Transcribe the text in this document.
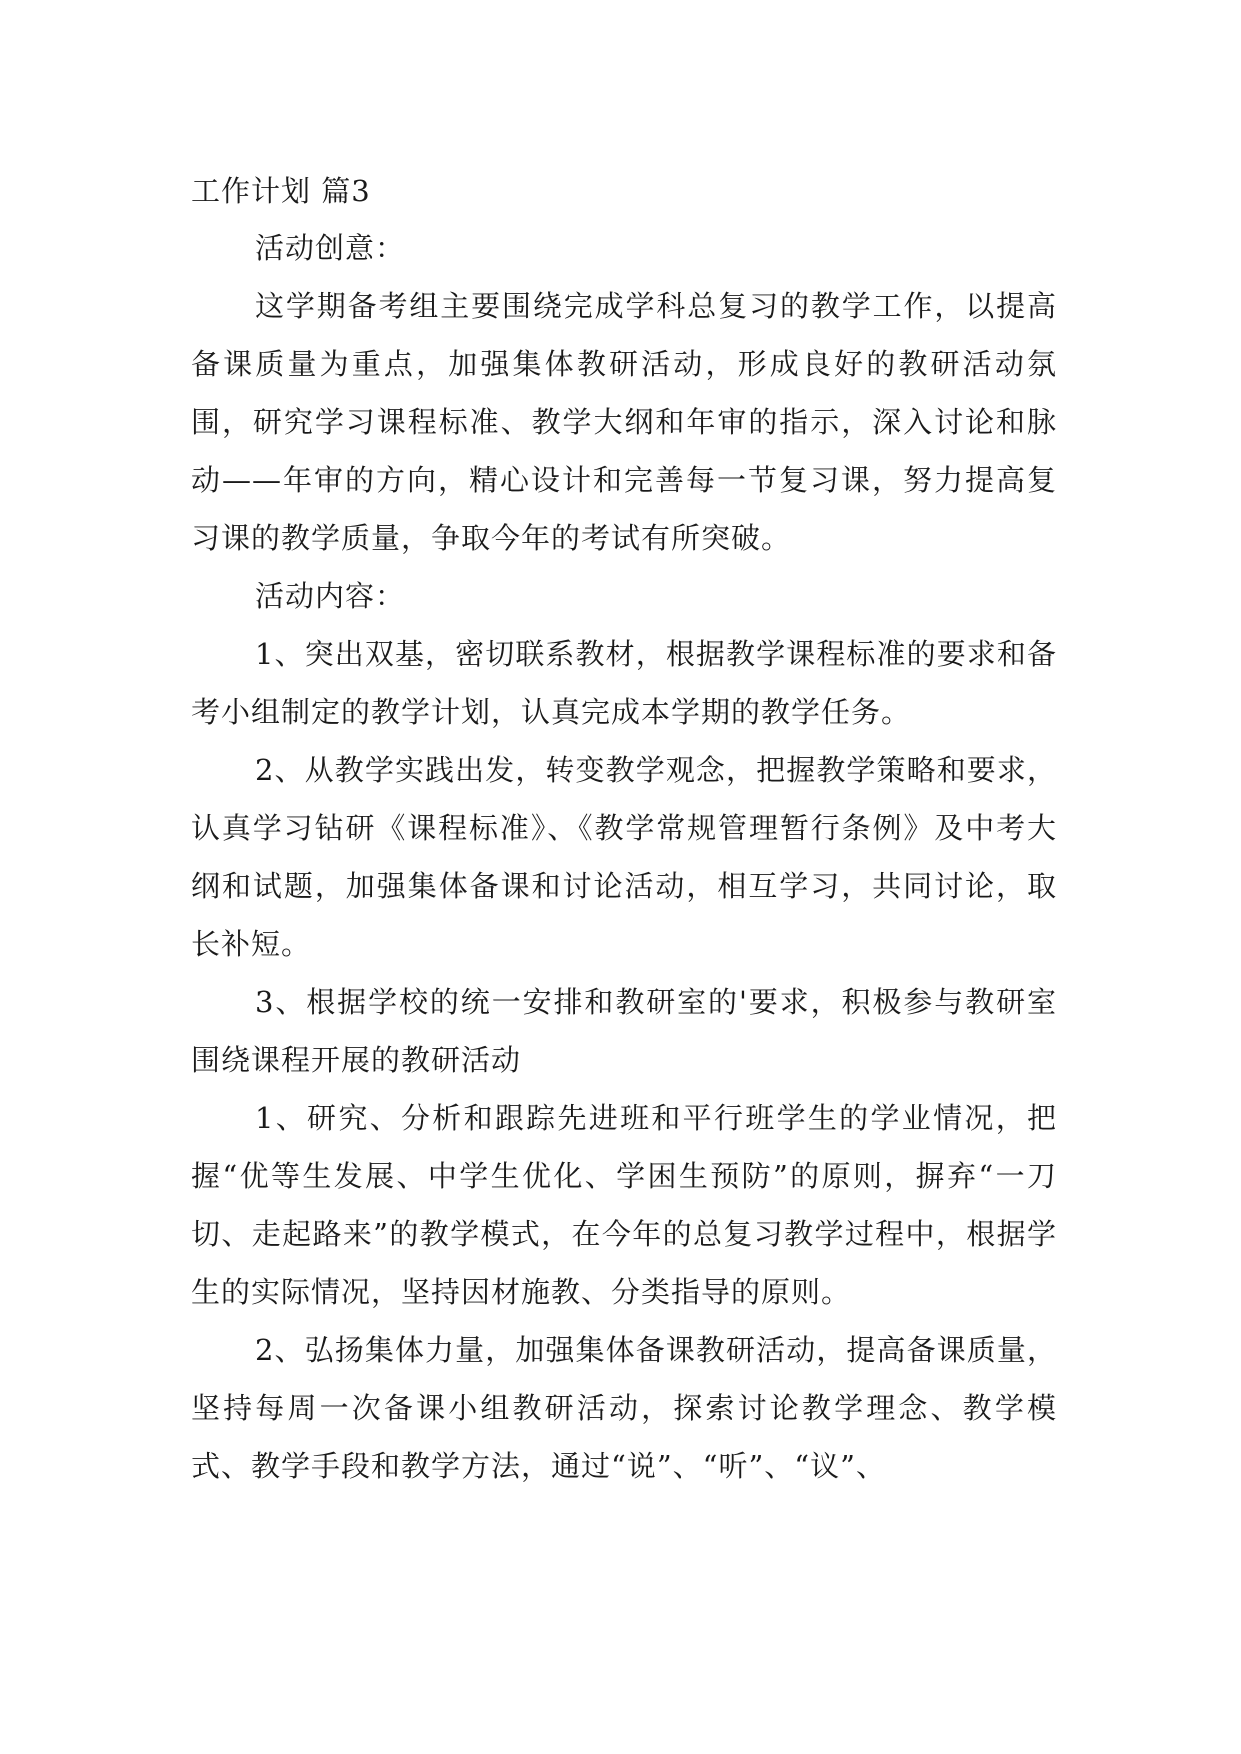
工作计划 篇3

活动创意：

这学期备考组主要围绕完成学科总复习的教学工作，以提高备课质量为重点，加强集体教研活动，形成良好的教研活动氛围，研究学习课程标准、教学大纲和年审的指示，深入讨论和脉动——年审的方向，精心设计和完善每一节复习课，努力提高复习课的教学质量，争取今年的考试有所突破。

活动内容：

1、突出双基，密切联系教材，根据教学课程标准的要求和备考小组制定的教学计划，认真完成本学期的教学任务。

2、从教学实践出发，转变教学观念，把握教学策略和要求，认真学习钻研《课程标准》、《教学常规管理暂行条例》及中考大纲和试题，加强集体备课和讨论活动，相互学习，共同讨论，取长补短。

3、根据学校的统一安排和教研室的'要求，积极参与教研室围绕课程开展的教研活动

1、研究、分析和跟踪先进班和平行班学生的学业情况，把握“优等生发展、中学生优化、学困生预防”的原则，摒弃“一刀切、走起路来”的教学模式，在今年的总复习教学过程中，根据学生的实际情况，坚持因材施教、分类指导的原则。

2、弘扬集体力量，加强集体备课教研活动，提高备课质量，坚持每周一次备课小组教研活动，探索讨论教学理念、教学模式、教学手段和教学方法，通过“说”、“听”、“议”、
